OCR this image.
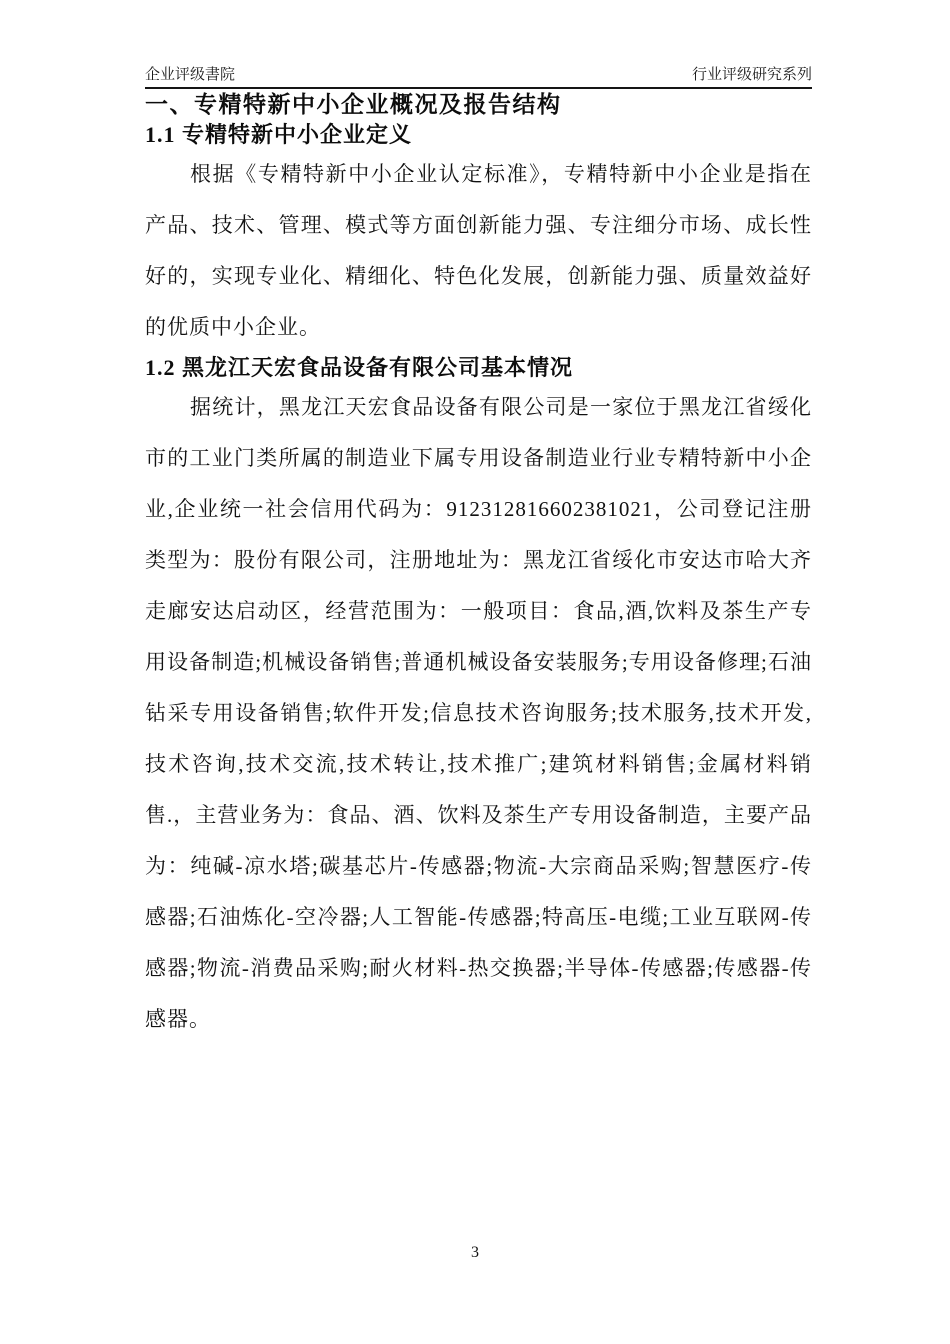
企业评级書院	行业评级研究系列
一、专精特新中小企业概况及报告结构
1.1 专精特新中小企业定义

根据《专精特新中小企业认定标准》，专精特新中小企业是指在产品、技术、管理、模式等方面创新能力强、专注细分市场、成长性好的，实现专业化、精细化、特色化发展，创新能力强、质量效益好的优质中小企业。

1.2 黑龙江天宏食品设备有限公司基本情况

据统计，黑龙江天宏食品设备有限公司是一家位于黑龙江省绥化市的工业门类所属的制造业下属专用设备制造业行业专精特新中小企业,企业统一社会信用代码为：912312816602381021，公司登记注册类型为：股份有限公司，注册地址为：黑龙江省绥化市安达市哈大齐走廊安达启动区，经营范围为：一般项目：食品,酒,饮料及茶生产专用设备制造;机械设备销售;普通机械设备安装服务;专用设备修理;石油钻采专用设备销售;软件开发;信息技术咨询服务;技术服务,技术开发,技术咨询,技术交流,技术转让,技术推广;建筑材料销售;金属材料销售.，主营业务为：食品、酒、饮料及茶生产专用设备制造，主要产品为：纯碱-凉水塔;碳基芯片-传感器;物流-大宗商品采购;智慧医疗-传感器;石油炼化-空冷器;人工智能-传感器;特高压-电缆;工业互联网-传感器;物流-消费品采购;耐火材料-热交换器;半导体-传感器;传感器-传感器。

3
